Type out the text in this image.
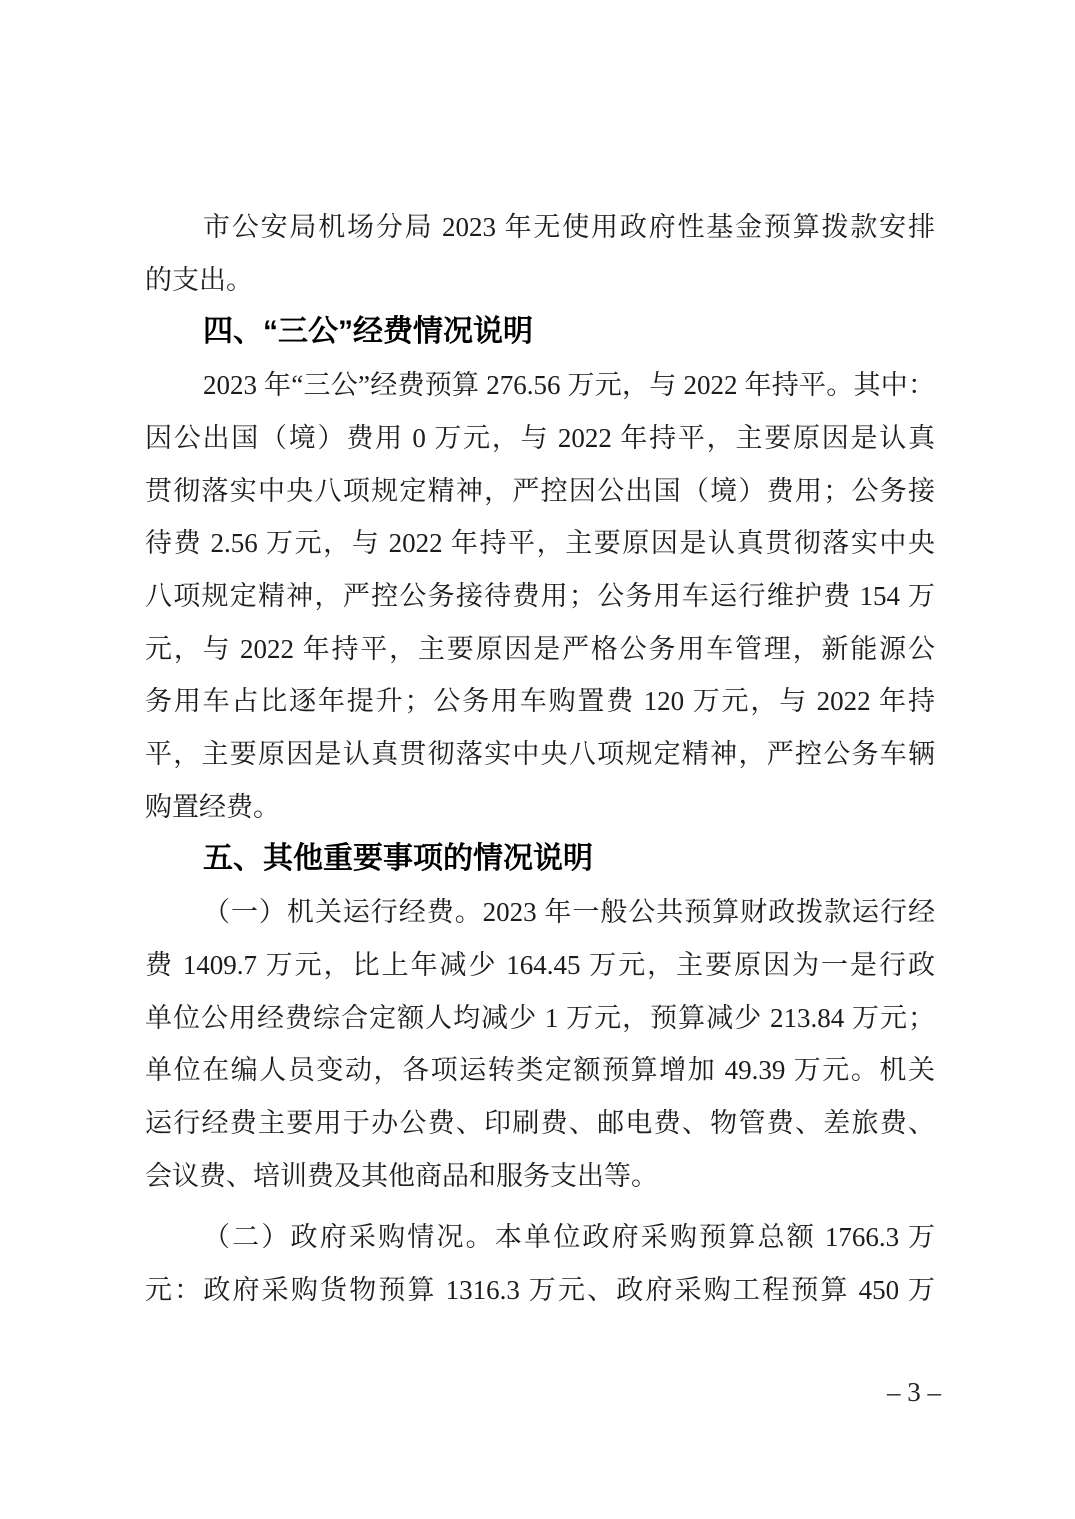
市公安局机场分局 2023 年无使用政府性基金预算拨款安排
的支出。
四、“三公”经费情况说明
2023 年“三公”经费预算 276.56 万元，与 2022 年持平。其中：
因公出国（境）费用 0 万元，与 2022 年持平，主要原因是认真
贯彻落实中央八项规定精神，严控因公出国（境）费用；公务接
待费 2.56 万元，与 2022 年持平，主要原因是认真贯彻落实中央
八项规定精神，严控公务接待费用；公务用车运行维护费 154 万
元，与 2022 年持平，主要原因是严格公务用车管理，新能源公
务用车占比逐年提升；公务用车购置费 120 万元，与 2022 年持
平，主要原因是认真贯彻落实中央八项规定精神，严控公务车辆
购置经费。
五、其他重要事项的情况说明
（一）机关运行经费。2023 年一般公共预算财政拨款运行经
费 1409.7 万元，比上年减少 164.45 万元，主要原因为一是行政
单位公用经费综合定额人均减少 1 万元，预算减少 213.84 万元；
单位在编人员变动，各项运转类定额预算增加 49.39 万元。机关
运行经费主要用于办公费、印刷费、邮电费、物管费、差旅费、
会议费、培训费及其他商品和服务支出等。
（二）政府采购情况。本单位政府采购预算总额 1766.3 万
元：政府采购货物预算 1316.3 万元、政府采购工程预算 450 万
– 3 –
